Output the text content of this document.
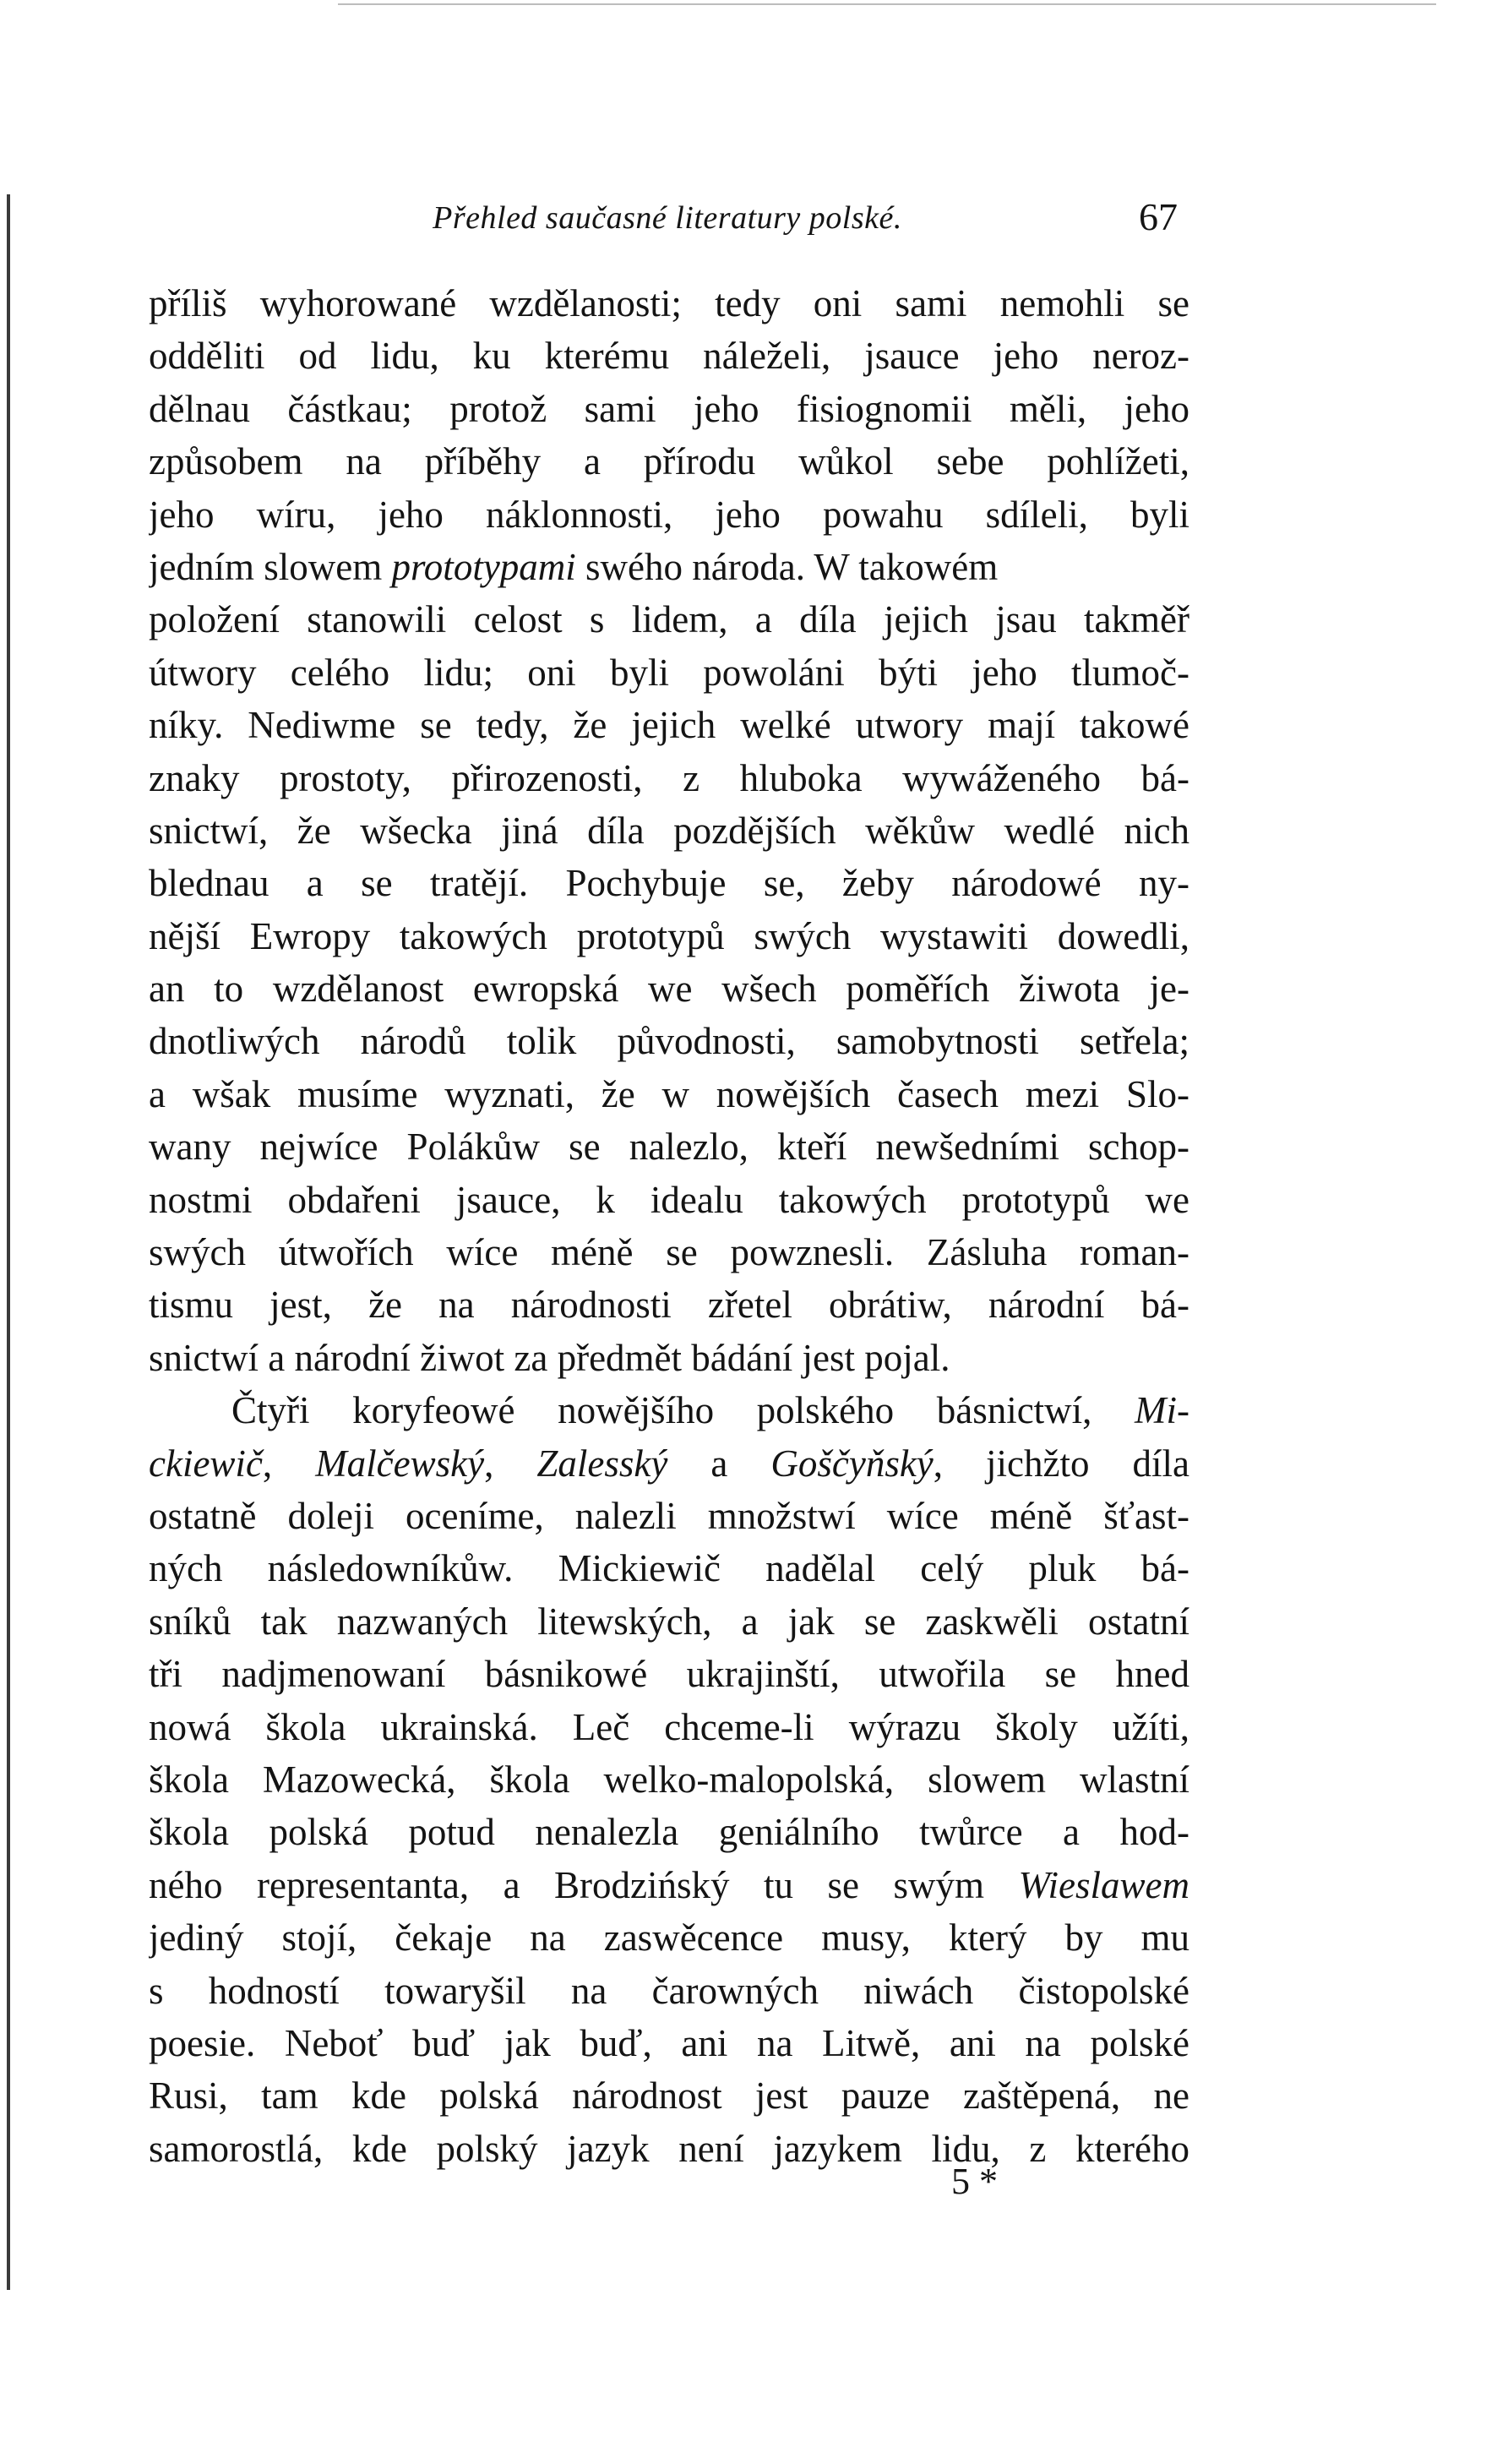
Přehled saučasné literatury polské.	67
příliš wyhorowané wzdělanosti; tedy oni sami nemohli se
odděliti od lidu, ku kterému náleželi, jsauce jeho neroz-
dělnau částkau; protož sami jeho fisiognomii měli, jeho
způsobem na příběhy a přírodu wůkol sebe pohlížeti,
jeho wíru, jeho náklonnosti, jeho powahu sdíleli, byli
jedním slowem prototypami swého národa. W takowém
položení stanowili celost s lidem, a díla jejich jsau takměř
útwory celého lidu; oni byli powoláni býti jeho tlumoč-
níky. Nediwme se tedy, že jejich welké utwory mají takowé
znaky prostoty, přirozenosti, z hluboka wywáženého bá-
snictwí, že wšecka jiná díla pozdějších wěkůw wedlé nich
blednau a se tratějí. Pochybuje se, žeby národowé ny-
nější Ewropy takowých prototypů swých wystawiti dowedli,
an to wzdělanost ewropská we wšech poměřích žiwota je-
dnotliwých národů tolik původnosti, samobytnosti setřela;
a wšak musíme wyznati, že w nowějších časech mezi Slo-
wany nejwíce Polákůw se nalezlo, kteří newšedními schop-
nostmi obdařeni jsauce, k idealu takowých prototypů we
swých útwořích wíce méně se powznesli. Zásluha roman-
tismu jest, že na národnosti zřetel obrátiw, národní bá-
snictwí a národní žiwot za předmět bádání jest pojal.
Čtyři koryfeowé nowějšího polského básnictwí, Mi-
ckiewič, Malčewský, Zalesský a Goščyňský, jichžto díla
ostatně doleji oceníme, nalezli množstwí wíce méně šťast-
ných následowníkůw. Mickiewič nadělal celý pluk bá-
sníků tak nazwaných litewských, a jak se zaskwěli ostatní
tři nadjmenowaní básnikowé ukrajinští, utwořila se hned
nowá škola ukrainská. Leč chceme-li wýrazu školy užíti,
škola Mazowecká, škola welko-malopolská, slowem wlastní
škola polská potud nenalezla geniálního twůrce a hod-
ného representanta, a Brodzińský tu se swým Wieslawem
jediný stojí, čekaje na zaswěcence musy, který by mu
s hodností towaryšil na čarowných niwách čistopolské
poesie. Neboť buď jak buď, ani na Litwě, ani na polské
Rusi, tam kde polská národnost jest pauze zaštěpená, ne
samorostlá, kde polský jazyk není jazykem lidu, z kterého
5 *
